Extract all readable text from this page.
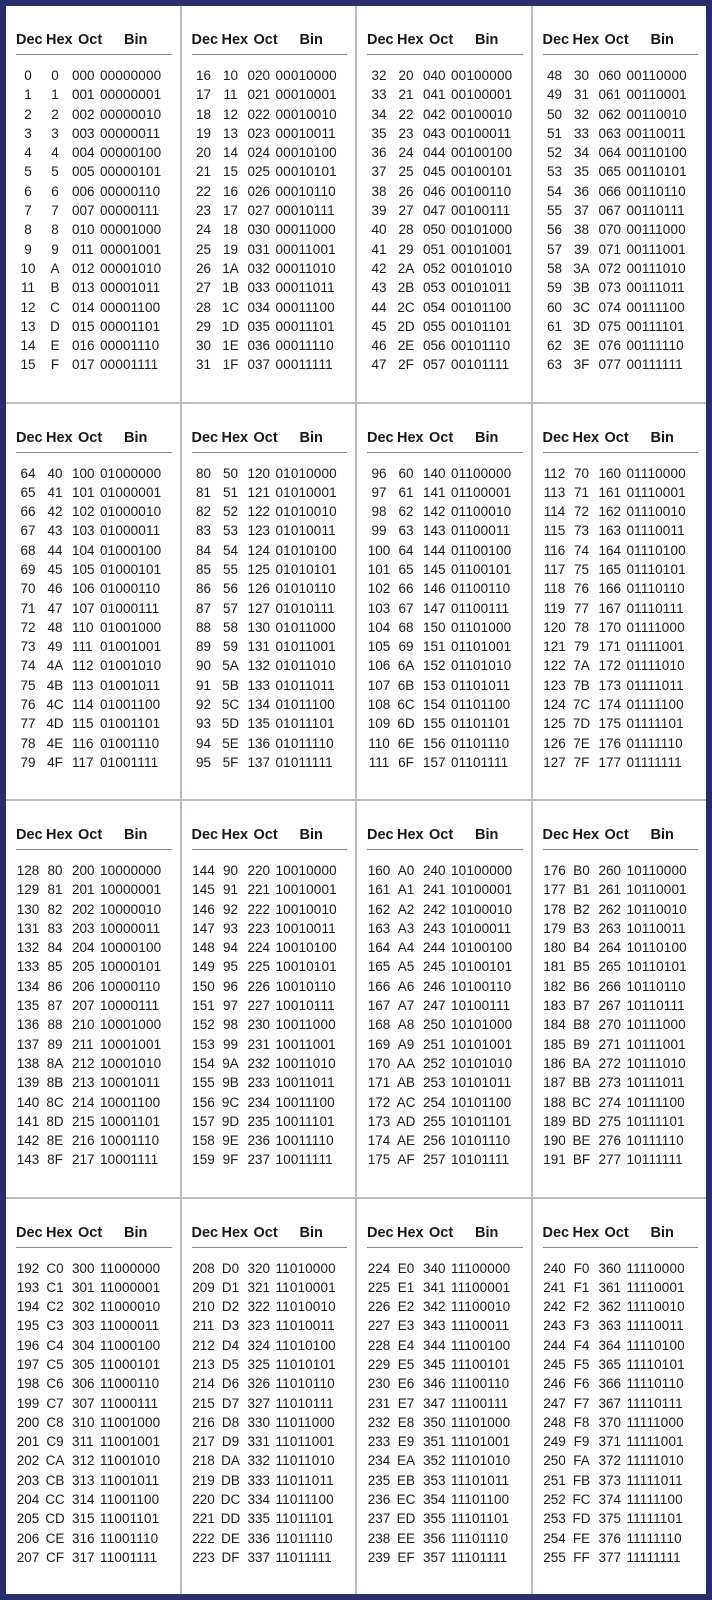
Dec Hex Oct Bin
0	0 000 00000000
1	1 001 00000001
2	2 002 00000010
3	3 003 00000011
4	4 004 00000100
5	5 005 00000101
6	6 006 00000110
7	7 007 00000111
8	8 010 00001000
9	9 011 00001001
10	A 012 00001010
11	B 013 00001011
12	C 014 00001100
13	D 015 00001101
14	E 016 00001110
15	F 017 00001111
Dec Hex Oct Bin
16 10 020 00010000
17 11 021 00010001
18 12 022 00010010
19 13 023 00010011
20 14 024 00010100
21 15 025 00010101
22 16 026 00010110
23 17 027 00010111
24 18 030 00011000
25 19 031 00011001
26 1A 032 00011010
27 1B 033 00011011
28 1C 034 00011100
29 1D 035 00011101
30 1E 036 00011110
31 1F 037 00011111
Dec Hex Oct Bin
32 20 040 00100000
33 21 041 00100001
34 22 042 00100010
35 23 043 00100011
36 24 044 00100100
37 25 045 00100101
38 26 046 00100110
39 27 047 00100111
40 28 050 00101000
41 29 051 00101001
42 2A 052 00101010
43 2B 053 00101011
44 2C 054 00101100
45 2D 055 00101101
46 2E 056 00101110
47 2F 057 00101111
Dec Hex Oct Bin
48 30 060 00110000
49 31 061 00110001
50 32 062 00110010
51 33 063 00110011
52 34 064 00110100
53 35 065 00110101
54 36 066 00110110
55 37 067 00110111
56 38 070 00111000
57 39 071 00111001
58 3A 072 00111010
59 3B 073 00111011
60 3C 074 00111100
61 3D 075 00111101
62 3E 076 00111110
63 3F 077 00111111
Dec Hex Oct Bin
64 40 100 01000000
65 41 101 01000001
66 42 102 01000010
67 43 103 01000011
68 44 104 01000100
69 45 105 01000101
70 46 106 01000110
71 47 107 01000111
72 48 110 01001000
73 49 111 01001001
74 4A 112 01001010
75 4B 113 01001011
76 4C 114 01001100
77 4D 115 01001101
78 4E 116 01001110
79 4F 117 01001111
Dec Hex Oct Bin
80 50 120 01010000
81 51 121 01010001
82 52 122 01010010
83 53 123 01010011
84 54 124 01010100
85 55 125 01010101
86 56 126 01010110
87 57 127 01010111
88 58 130 01011000
89 59 131 01011001
90 5A 132 01011010
91 5B 133 01011011
92 5C 134 01011100
93 5D 135 01011101
94 5E 136 01011110
95 5F 137 01011111
Dec Hex Oct Bin
96 60 140 01100000
97 61 141 01100001
98 62 142 01100010
99 63 143 01100011
100 64 144 01100100
101 65 145 01100101
102 66 146 01100110
103 67 147 01100111
104 68 150 01101000
105 69 151 01101001
106 6A 152 01101010
107 6B 153 01101011
108 6C 154 01101100
109 6D 155 01101101
110 6E 156 01101110
111 6F 157 01101111
Dec Hex Oct Bin
112 70 160 01110000
113 71 161 01110001
114 72 162 01110010
115 73 163 01110011
116 74 164 01110100
117 75 165 01110101
118 76 166 01110110
119 77 167 01110111
120 78 170 01111000
121 79 171 01111001
122 7A 172 01111010
123 7B 173 01111011
124 7C 174 01111100
125 7D 175 01111101
126 7E 176 01111110
127 7F 177 01111111
Dec Hex Oct Bin
128 80 200 10000000
129 81 201 10000001
130 82 202 10000010
131 83 203 10000011
132 84 204 10000100
133 85 205 10000101
134 86 206 10000110
135 87 207 10000111
136 88 210 10001000
137 89 211 10001001
138 8A 212 10001010
139 8B 213 10001011
140 8C 214 10001100
141 8D 215 10001101
142 8E 216 10001110
143 8F 217 10001111
Dec Hex Oct Bin
144 90 220 10010000
145 91 221 10010001
146 92 222 10010010
147 93 223 10010011
148 94 224 10010100
149 95 225 10010101
150 96 226 10010110
151 97 227 10010111
152 98 230 10011000
153 99 231 10011001
154 9A 232 10011010
155 9B 233 10011011
156 9C 234 10011100
157 9D 235 10011101
158 9E 236 10011110
159 9F 237 10011111
Dec Hex Oct Bin
160 A0 240 10100000
161 A1 241 10100001
162 A2 242 10100010
163 A3 243 10100011
164 A4 244 10100100
165 A5 245 10100101
166 A6 246 10100110
167 A7 247 10100111
168 A8 250 10101000
169 A9 251 10101001
170 AA 252 10101010
171 AB 253 10101011
172 AC 254 10101100
173 AD 255 10101101
174 AE 256 10101110
175 AF 257 10101111
Dec Hex Oct Bin
176 B0 260 10110000
177 B1 261 10110001
178 B2 262 10110010
179 B3 263 10110011
180 B4 264 10110100
181 B5 265 10110101
182 B6 266 10110110
183 B7 267 10110111
184 B8 270 10111000
185 B9 271 10111001
186 BA 272 10111010
187 BB 273 10111011
188 BC 274 10111100
189 BD 275 10111101
190 BE 276 10111110
191 BF 277 10111111
Dec Hex Oct Bin
192 C0 300 11000000
193 C1 301 11000001
194 C2 302 11000010
195 C3 303 11000011
196 C4 304 11000100
197 C5 305 11000101
198 C6 306 11000110
199 C7 307 11000111
200 C8 310 11001000
201 C9 311 11001001
202 CA 312 11001010
203 CB 313 11001011
204 CC 314 11001100
205 CD 315 11001101
206 CE 316 11001110
207 CF 317 11001111
Dec Hex Oct Bin
208 D0 320 11010000
209 D1 321 11010001
210 D2 322 11010010
211 D3 323 11010011
212 D4 324 11010100
213 D5 325 11010101
214 D6 326 11010110
215 D7 327 11010111
216 D8 330 11011000
217 D9 331 11011001
218 DA 332 11011010
219 DB 333 11011011
220 DC 334 11011100
221 DD 335 11011101
222 DE 336 11011110
223 DF 337 11011111
Dec Hex Oct Bin
224 E0 340 11100000
225 E1 341 11100001
226 E2 342 11100010
227 E3 343 11100011
228 E4 344 11100100
229 E5 345 11100101
230 E6 346 11100110
231 E7 347 11100111
232 E8 350 11101000
233 E9 351 11101001
234 EA 352 11101010
235 EB 353 11101011
236 EC 354 11101100
237 ED 355 11101101
238 EE 356 11101110
239 EF 357 11101111
Dec Hex Oct Bin
240 F0 360 11110000
241 F1 361 11110001
242 F2 362 11110010
243 F3 363 11110011
244 F4 364 11110100
245 F5 365 11110101
246 F6 366 11110110
247 F7 367 11110111
248 F8 370 11111000
249 F9 371 11111001
250 FA 372 11111010
251 FB 373 11111011
252 FC 374 11111100
253 FD 375 11111101
254 FE 376 11111110
255 FF 377 11111111
